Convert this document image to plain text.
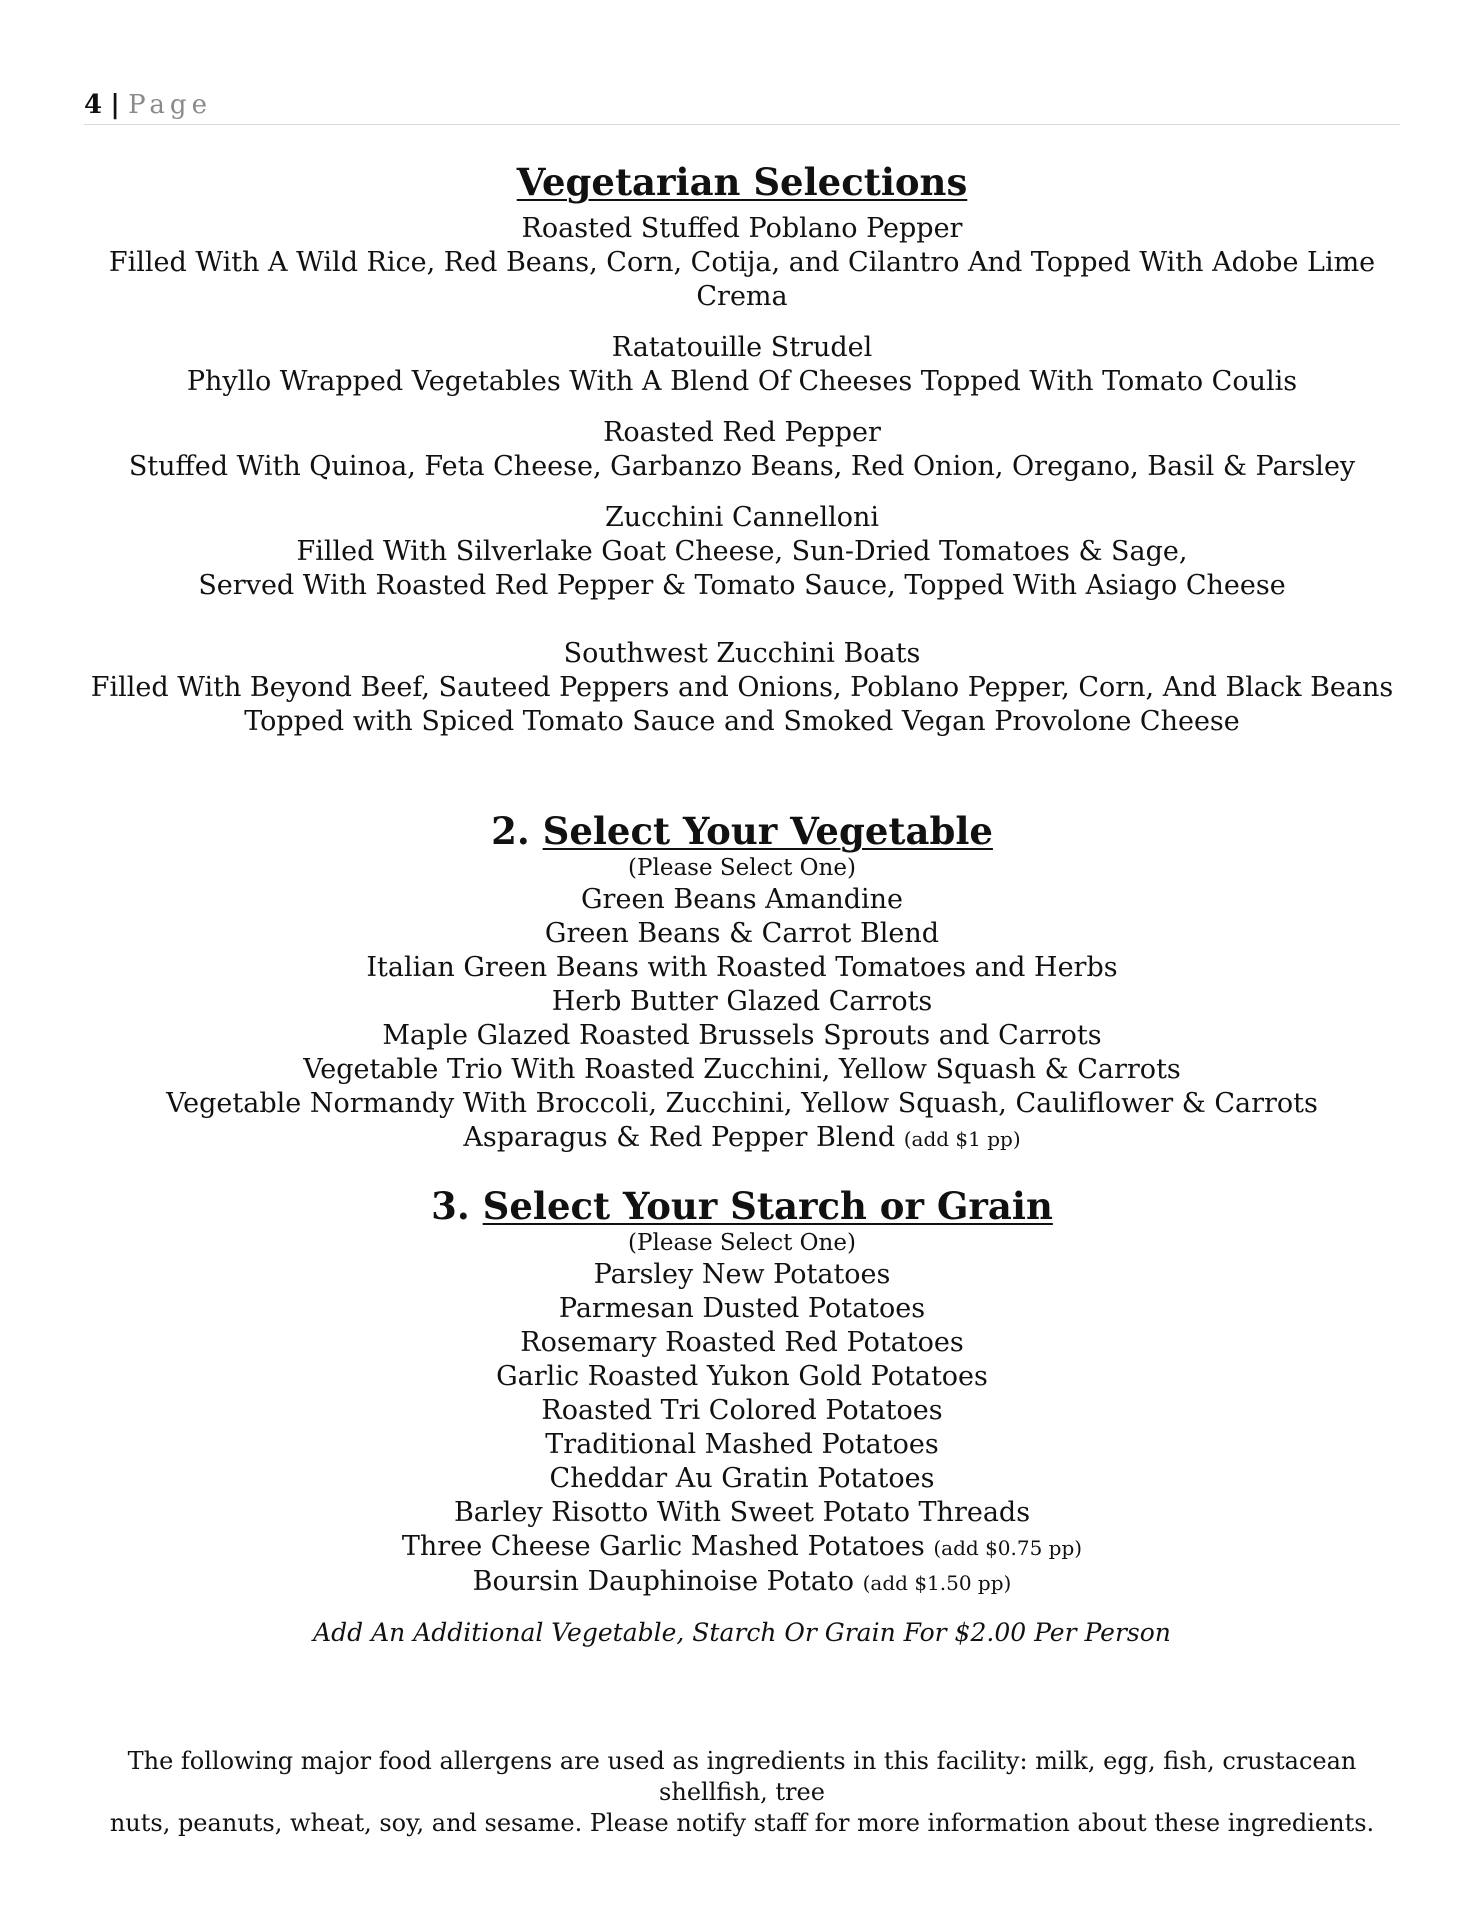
4 | Page
Vegetarian Selections
Roasted Stuffed Poblano Pepper
Filled With A Wild Rice, Red Beans, Corn, Cotija, and Cilantro And Topped With Adobe Lime Crema
Ratatouille Strudel
Phyllo Wrapped Vegetables With A Blend Of Cheeses Topped With Tomato Coulis
Roasted Red Pepper
Stuffed With Quinoa, Feta Cheese, Garbanzo Beans, Red Onion, Oregano, Basil & Parsley
Zucchini Cannelloni
Filled With Silverlake Goat Cheese, Sun-Dried Tomatoes & Sage,
Served With Roasted Red Pepper & Tomato Sauce, Topped With Asiago Cheese
Southwest Zucchini Boats
Filled With Beyond Beef, Sauteed Peppers and Onions, Poblano Pepper, Corn, And Black Beans
Topped with Spiced Tomato Sauce and Smoked Vegan Provolone Cheese
2. Select Your Vegetable
(Please Select One)
Green Beans Amandine
Green Beans & Carrot Blend
Italian Green Beans with Roasted Tomatoes and Herbs
Herb Butter Glazed Carrots
Maple Glazed Roasted Brussels Sprouts and Carrots
Vegetable Trio With Roasted Zucchini, Yellow Squash & Carrots
Vegetable Normandy With Broccoli, Zucchini, Yellow Squash, Cauliflower & Carrots
Asparagus & Red Pepper Blend (add $1 pp)
3. Select Your Starch or Grain
(Please Select One)
Parsley New Potatoes
Parmesan Dusted Potatoes
Rosemary Roasted Red Potatoes
Garlic Roasted Yukon Gold Potatoes
Roasted Tri Colored Potatoes
Traditional Mashed Potatoes
Cheddar Au Gratin Potatoes
Barley Risotto With Sweet Potato Threads
Three Cheese Garlic Mashed Potatoes (add $0.75 pp)
Boursin Dauphinoise Potato (add $1.50 pp)
Add An Additional Vegetable, Starch Or Grain For $2.00 Per Person
The following major food allergens are used as ingredients in this facility: milk, egg, fish, crustacean shellfish, tree
nuts, peanuts, wheat, soy, and sesame. Please notify staff for more information about these ingredients.
